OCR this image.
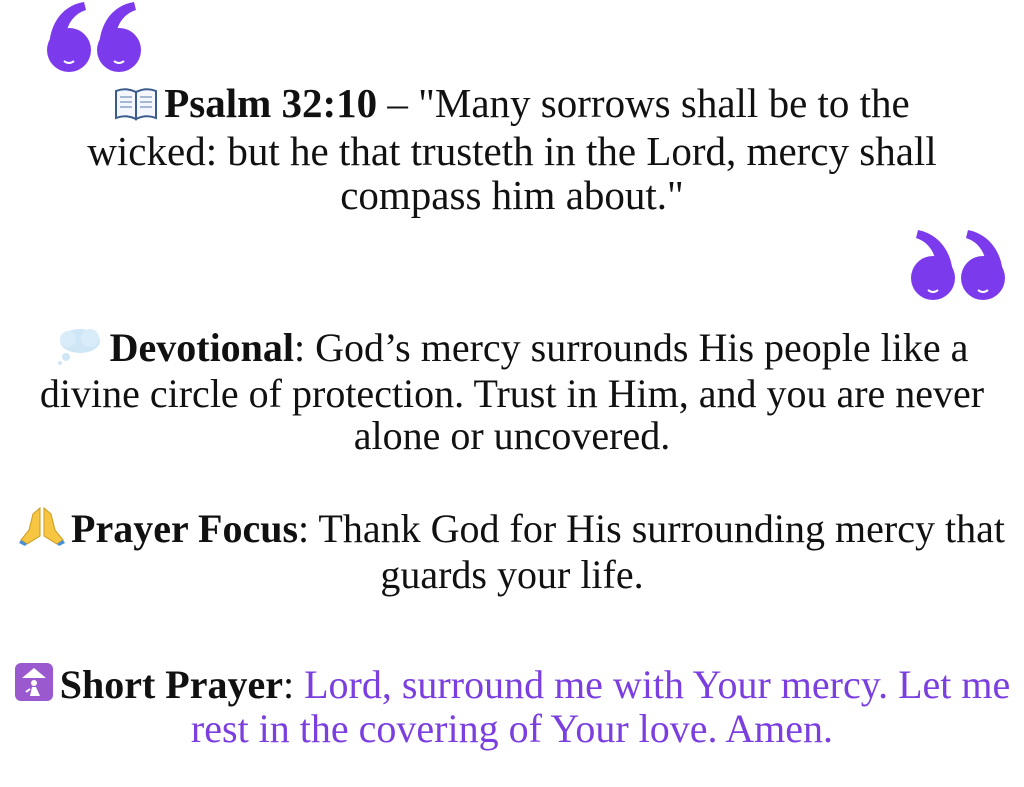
Psalm 32:10 – "Many sorrows shall be to the wicked: but he that trusteth in the Lord, mercy shall compass him about."
Devotional: God’s mercy surrounds His people like a divine circle of protection. Trust in Him, and you are never alone or uncovered.
Prayer Focus: Thank God for His surrounding mercy that guards your life.
Short Prayer: Lord, surround me with Your mercy. Let me rest in the covering of Your love. Amen.
